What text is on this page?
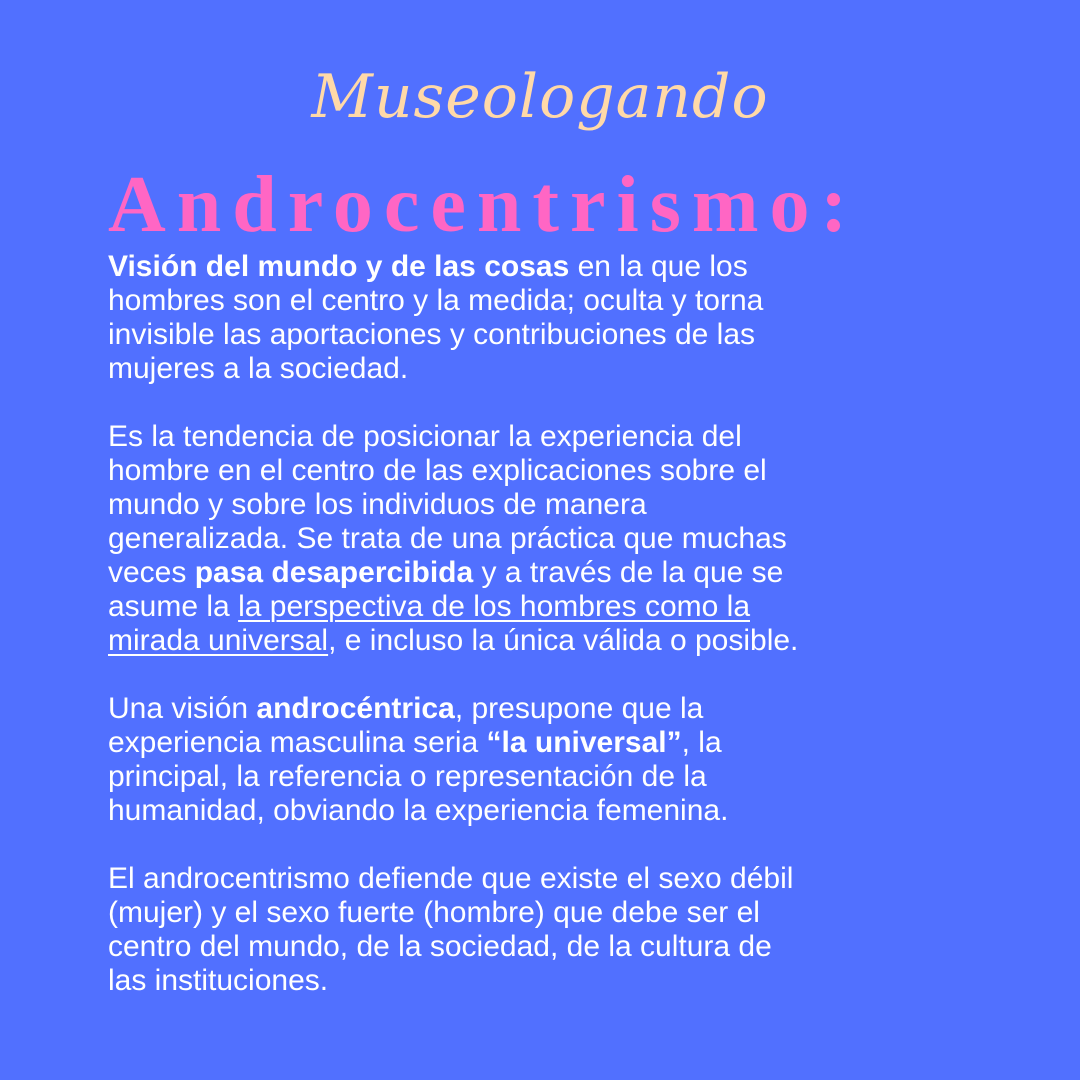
Museologando
Androcentrismo:
Visión del mundo y de las cosas en la que los
hombres son el centro y la medida; oculta y torna
invisible las aportaciones y contribuciones de las
mujeres a la sociedad.
Es la tendencia de posicionar la experiencia del
hombre en el centro de las explicaciones sobre el
mundo y sobre los individuos de manera
generalizada. Se trata de una práctica que muchas
veces pasa desapercibida y a través de la que se
asume la la perspectiva de los hombres como la
mirada universal, e incluso la única válida o posible.
Una visión androcéntrica, presupone que la
experiencia masculina seria “la universal”, la
principal, la referencia o representación de la
humanidad, obviando la experiencia femenina.
El androcentrismo defiende que existe el sexo débil
(mujer) y el sexo fuerte (hombre) que debe ser el
centro del mundo, de la sociedad, de la cultura de
las instituciones.
